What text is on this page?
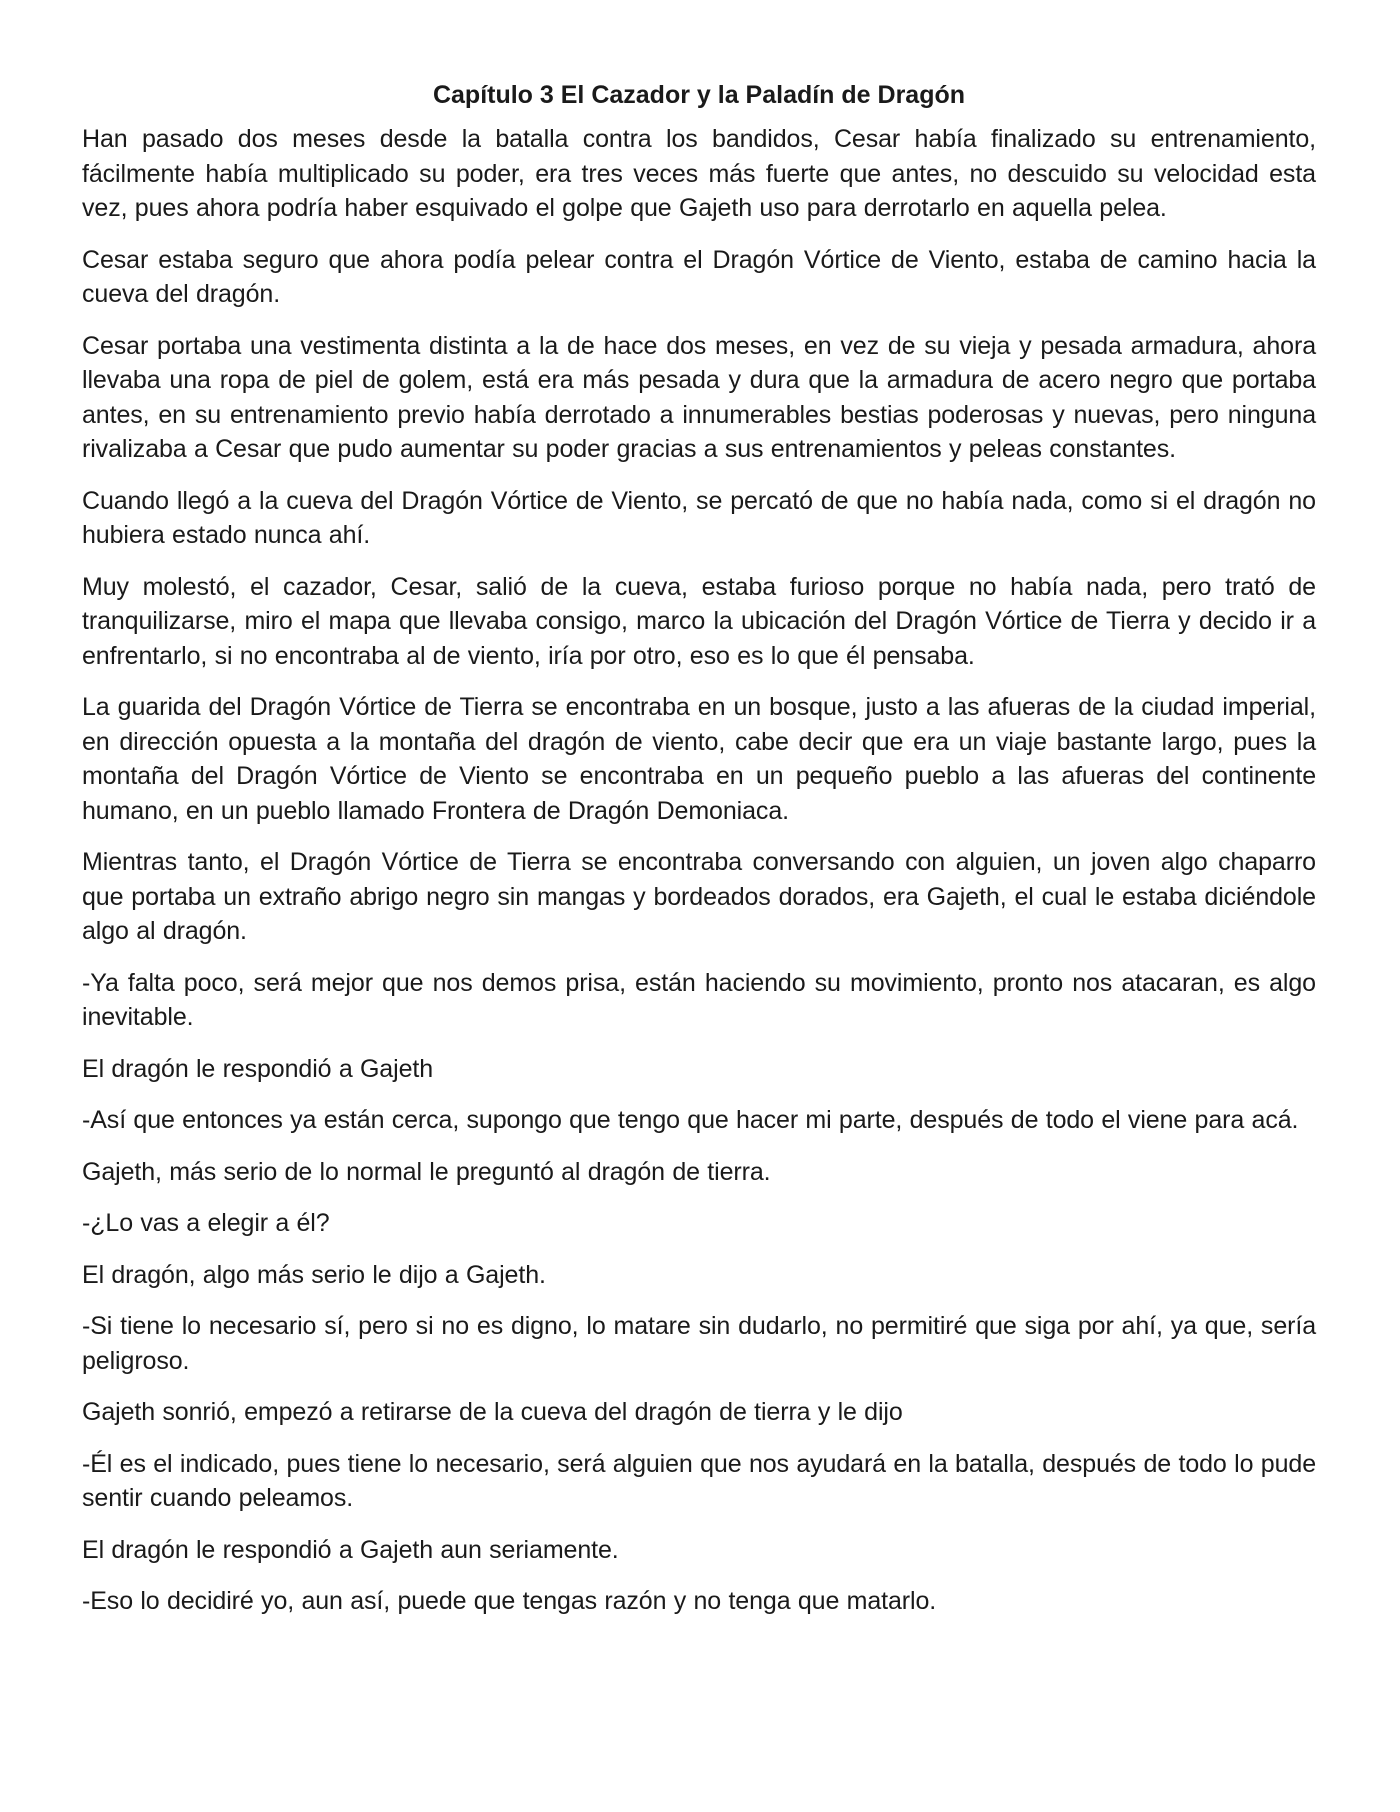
Capítulo 3 El Cazador y la Paladín de Dragón

Han pasado dos meses desde la batalla contra los bandidos, Cesar había finalizado su entrenamiento, fácilmente había multiplicado su poder, era tres veces más fuerte que antes, no descuido su velocidad esta vez, pues ahora podría haber esquivado el golpe que Gajeth uso para derrotarlo en aquella pelea.

Cesar estaba seguro que ahora podía pelear contra el Dragón Vórtice de Viento, estaba de camino hacia la cueva del dragón.

Cesar portaba una vestimenta distinta a la de hace dos meses, en vez de su vieja y pesada armadura, ahora llevaba una ropa de piel de golem, está era más pesada y dura que la armadura de acero negro que portaba antes, en su entrenamiento previo había derrotado a innumerables bestias poderosas y nuevas, pero ninguna rivalizaba a Cesar que pudo aumentar su poder gracias a sus entrenamientos y peleas constantes.

Cuando llegó a la cueva del Dragón Vórtice de Viento, se percató de que no había nada, como si el dragón no hubiera estado nunca ahí.

Muy molestó, el cazador, Cesar, salió de la cueva, estaba furioso porque no había nada, pero trató de tranquilizarse, miro el mapa que llevaba consigo, marco la ubicación del Dragón Vórtice de Tierra y decido ir a enfrentarlo, si no encontraba al de viento, iría por otro, eso es lo que él pensaba.

La guarida del Dragón Vórtice de Tierra se encontraba en un bosque, justo a las afueras de la ciudad imperial, en dirección opuesta a la montaña del dragón de viento, cabe decir que era un viaje bastante largo, pues la montaña del Dragón Vórtice de Viento se encontraba en un pequeño pueblo a las afueras del continente humano, en un pueblo llamado Frontera de Dragón Demoniaca.

Mientras tanto, el Dragón Vórtice de Tierra se encontraba conversando con alguien, un joven algo chaparro que portaba un extraño abrigo negro sin mangas y bordeados dorados, era Gajeth, el cual le estaba diciéndole algo al dragón.

-Ya falta poco, será mejor que nos demos prisa, están haciendo su movimiento, pronto nos atacaran, es algo inevitable.

El dragón le respondió a Gajeth

-Así que entonces ya están cerca, supongo que tengo que hacer mi parte, después de todo el viene para acá.

Gajeth, más serio de lo normal le preguntó al dragón de tierra.

-¿Lo vas a elegir a él?

El dragón, algo más serio le dijo a Gajeth.

-Si tiene lo necesario sí, pero si no es digno, lo matare sin dudarlo, no permitiré que siga por ahí, ya que, sería peligroso.

Gajeth sonrió, empezó a retirarse de la cueva del dragón de tierra y le dijo

-Él es el indicado, pues tiene lo necesario, será alguien que nos ayudará en la batalla, después de todo lo pude sentir cuando peleamos.

El dragón le respondió a Gajeth aun seriamente.

-Eso lo decidiré yo, aun así, puede que tengas razón y no tenga que matarlo.
